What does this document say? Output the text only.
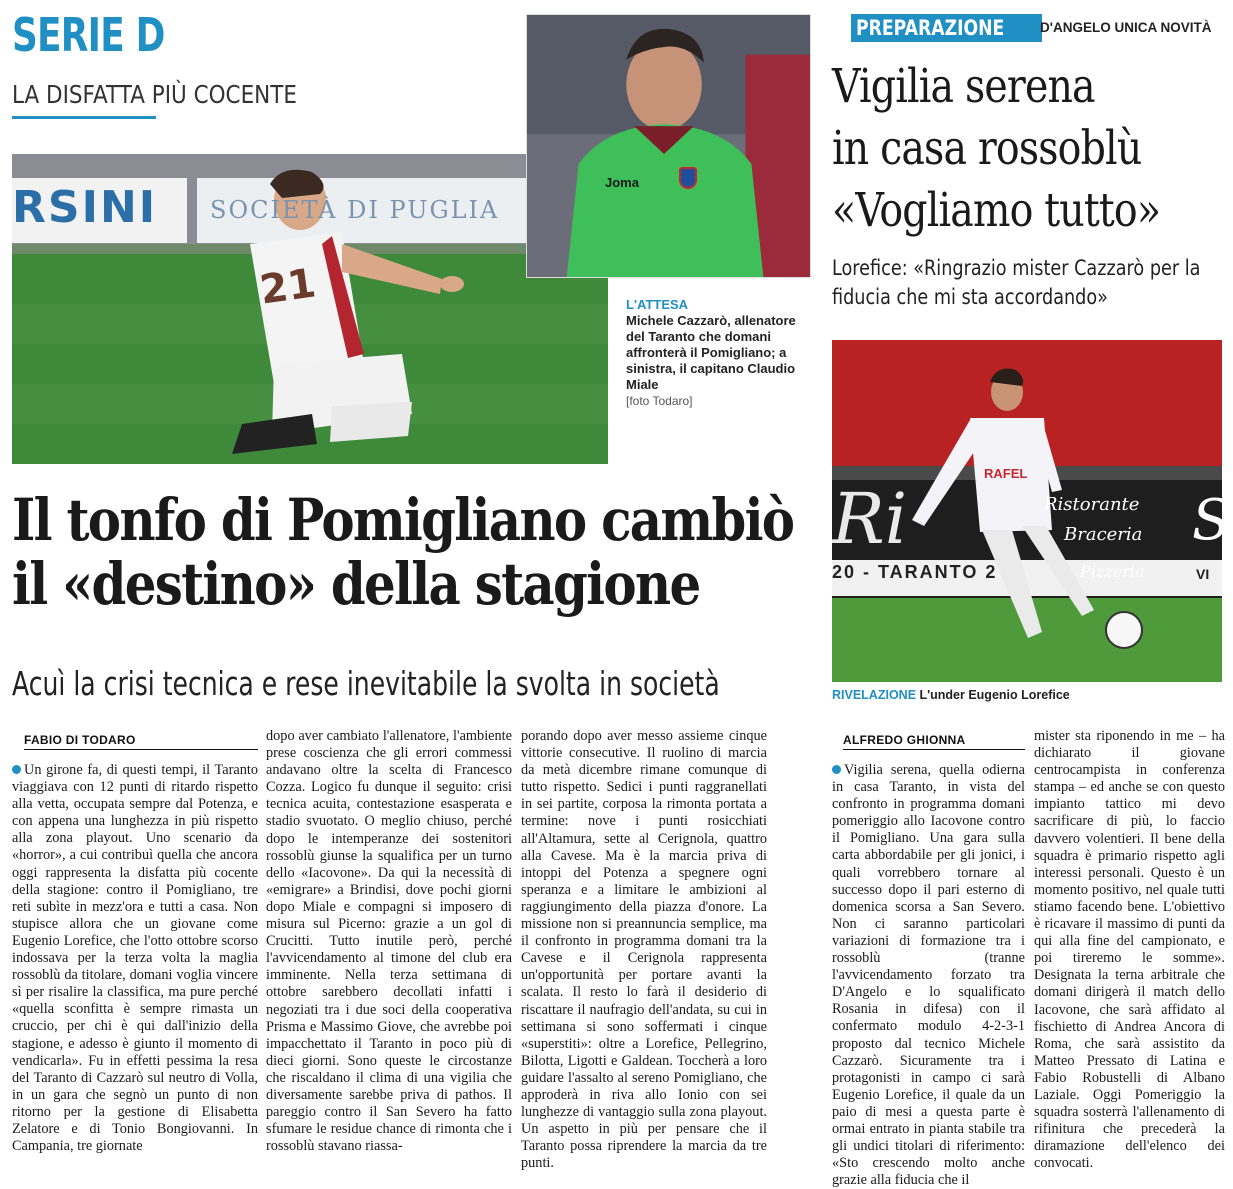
SERIE D
LA DISFATTA PIÙ COCENTE
RSINI SOCIETÀ DI PUGLIA
21
Joma
L'ATTESA
Michele Cazzarò, allenatore del Taranto che domani affronterà il Pomigliano; a sinistra, il capitano Claudio Miale
[foto Todaro]
Il tonfo di Pomigliano cambiò
il «destino» della stagione
Acuì la crisi tecnica e rese inevitabile la svolta in società
FABIO DI TODARO
Un girone fa, di questi tempi, il Taranto viaggiava con 12 punti di ritardo rispetto alla vetta, occupata sempre dal Potenza, e con appena una lunghezza in più rispetto alla zona playout. Uno scenario da «horror», a cui contribuì quella che ancora oggi rappresenta la disfatta più cocente della stagione: contro il Pomigliano, tre reti subìte in mezz'ora e tutti a casa. Non stupisce allora che un giovane come Eugenio Lorefice, che l'otto ottobre scorso indossava per la terza volta la maglia rossoblù da titolare, domani voglia vincere sì per risalire la classifica, ma pure perché «quella sconfitta è sempre rimasta un cruccio, per chi è qui dall'inizio della stagione, e adesso è giunto il momento di vendicarla». Fu in effetti pessima la resa del Taranto di Cazzarò sul neutro di Volla, in un gara che segnò un punto di non ritorno per la gestione di Elisabetta Zelatore e di Tonio Bongiovanni. In Campania, tre giornate
dopo aver cambiato l'allenatore, l'ambiente prese coscienza che gli errori commessi andavano oltre la scelta di Francesco Cozza. Logico fu dunque il seguito: crisi tecnica acuita, contestazione esasperata e stadio svuotato. O meglio chiuso, perché dopo le intemperanze dei sostenitori rossoblù giunse la squalifica per un turno dello «Iacovone». Da qui la necessità di «emigrare» a Brindisi, dove pochi giorni dopo Miale e compagni si imposero di misura sul Picerno: grazie a un gol di Crucitti. Tutto inutile però, perché l'avvicendamento al timone del club era imminente. Nella terza settimana di ottobre sarebbero decollati infatti i negoziati tra i due soci della cooperativa Prisma e Massimo Giove, che avrebbe poi impacchettato il Taranto in poco più di dieci giorni. Sono queste le circostanze che riscaldano il clima di una vigilia che diversamente sarebbe priva di pathos. Il pareggio contro il San Severo ha fatto sfumare le residue chance di rimonta che i rossoblù stavano riassa-
porando dopo aver messo assieme cinque vittorie consecutive. Il ruolino di marcia da metà dicembre rimane comunque di tutto rispetto. Sedici i punti raggranellati in sei partite, corposa la rimonta portata a termine: nove i punti rosicchiati all'Altamura, sette al Cerignola, quattro alla Cavese. Ma è la marcia priva di intoppi del Potenza a spegnere ogni speranza e a limitare le ambizioni al raggiungimento della piazza d'onore. La missione non si preannuncia semplice, ma il confronto in programma domani tra la Cavese e il Cerignola rappresenta un'opportunità per portare avanti la scalata. Il resto lo farà il desiderio di riscattare il naufragio dell'andata, su cui in settimana si sono soffermati i cinque «superstiti»: oltre a Lorefice, Pellegrino, Bilotta, Ligotti e Galdean. Toccherà a loro guidare l'assalto al sereno Pomigliano, che approderà in riva allo Ionio con sei lunghezze di vantaggio sulla zona playout. Un aspetto in più per pensare che il Taranto possa riprendere la marcia da tre punti.
PREPARAZIONE	D'ANGELO UNICA NOVITÀ
Vigilia serena
in casa rossoblù
«Vogliamo tutto»
Lorefice: «Ringrazio mister Cazzarò per la fiducia che mi sta accordando»
Ri	Ristorante
Braceria
Pizzeria
20 - TARANTO 2
S
VI
RAFEL
RIVELAZIONE L'under Eugenio Lorefice
ALFREDO GHIONNA
Vigilia serena, quella odierna in casa Taranto, in vista del confronto in programma domani pomeriggio allo Iacovone contro il Pomigliano. Una gara sulla carta abbordabile per gli jonici, i quali vorrebbero tornare al successo dopo il pari esterno di domenica scorsa a San Severo. Non ci saranno particolari variazioni di formazione tra i rossoblù (tranne l'avvicendamento forzato tra D'Angelo e lo squalificato Rosania in difesa) con il confermato modulo 4-2-3-1 proposto dal tecnico Michele Cazzarò. Sicuramente tra i protagonisti in campo ci sarà Eugenio Lorefice, il quale da un paio di mesi a questa parte è ormai entrato in pianta stabile tra gli undici titolari di riferimento: «Sto crescendo molto anche grazie alla fiducia che il
mister sta riponendo in me – ha dichiarato il giovane centrocampista in conferenza stampa – ed anche se con questo impianto tattico mi devo sacrificare di più, lo faccio davvero volentieri. Il bene della squadra è primario rispetto agli interessi personali. Questo è un momento positivo, nel quale tutti stiamo facendo bene. L'obiettivo è ricavare il massimo di punti da qui alla fine del campionato, e poi tireremo le somme». Designata la terna arbitrale che domani dirigerà il match dello Iacovone, che sarà affidato al fischietto di Andrea Ancora di Roma, che sarà assistito da Matteo Pressato di Latina e Fabio Robustelli di Albano Laziale. Oggi Pomeriggio la squadra sosterrà l'allenamento di rifinitura che precederà la diramazione dell'elenco dei convocati.
